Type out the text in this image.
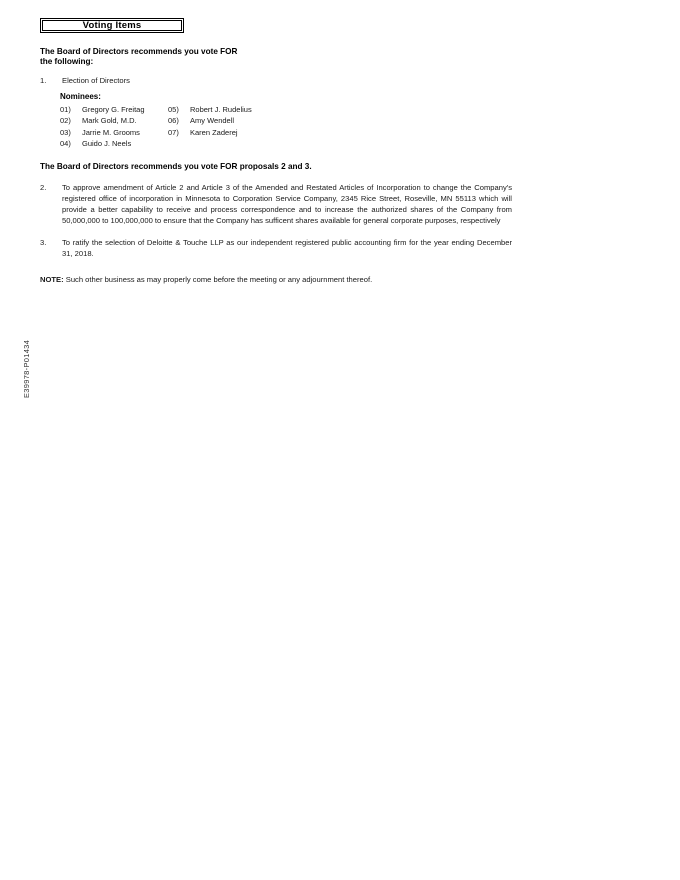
E39978-P01434
Voting Items
The Board of Directors recommends you vote FOR
the following:
1.	Election of Directors
Nominees:
01)	Gregory G. Freitag
02)	Mark Gold, M.D.
03)	Jarrie M. Grooms
04)	Guido J. Neels
05)	Robert J. Rudelius
06)	Amy Wendell
07)	Karen Zaderej
The Board of Directors recommends you vote FOR proposals 2 and 3.
2.	To approve amendment of Article 2 and Article 3 of the Amended and Restated Articles of Incorporation to change the Company's registered office of incorporation in Minnesota to Corporation Service Company, 2345 Rice Street, Roseville, MN 55113 which will provide a better capability to receive and process correspondence and to increase the authorized shares of the Company from 50,000,000 to 100,000,000 to ensure that the Company has sufficent shares available for general corporate purposes, respectively
3.	To ratify the selection of Deloitte & Touche LLP as our independent registered public accounting firm for the year ending December 31, 2018.
NOTE: Such other business as may properly come before the meeting or any adjournment thereof.
